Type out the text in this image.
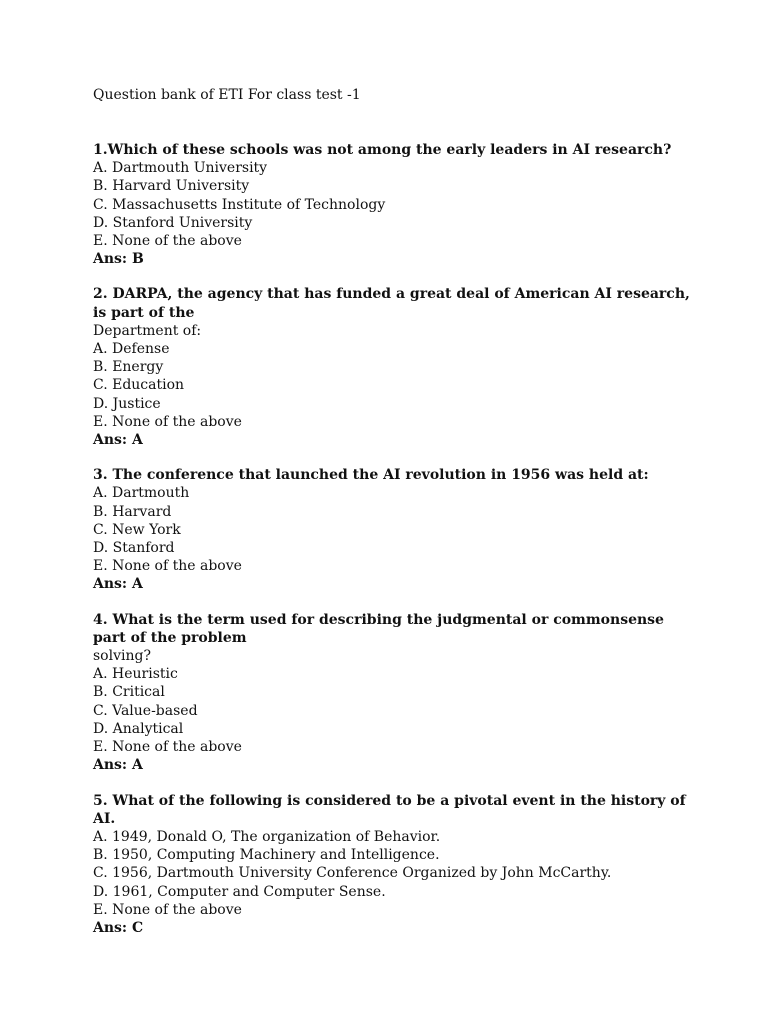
Question bank of ETI For class test -1
1.Which of these schools was not among the early leaders in AI research?
A. Dartmouth University
B. Harvard University
C. Massachusetts Institute of Technology
D. Stanford University
E. None of the above
Ans: B
2. DARPA, the agency that has funded a great deal of American AI research, is part of the
Department of:
A. Defense
B. Energy
C. Education
D. Justice
E. None of the above
Ans: A
3. The conference that launched the AI revolution in 1956 was held at:
A. Dartmouth
B. Harvard
C. New York
D. Stanford
E. None of the above
Ans: A
4. What is the term used for describing the judgmental or commonsense part of the problem
solving?
A. Heuristic
B. Critical
C. Value-based
D. Analytical
E. None of the above
Ans: A
5. What of the following is considered to be a pivotal event in the history of AI.
A. 1949, Donald O, The organization of Behavior.
B. 1950, Computing Machinery and Intelligence.
C. 1956, Dartmouth University Conference Organized by John McCarthy.
D. 1961, Computer and Computer Sense.
E. None of the above
Ans: C
